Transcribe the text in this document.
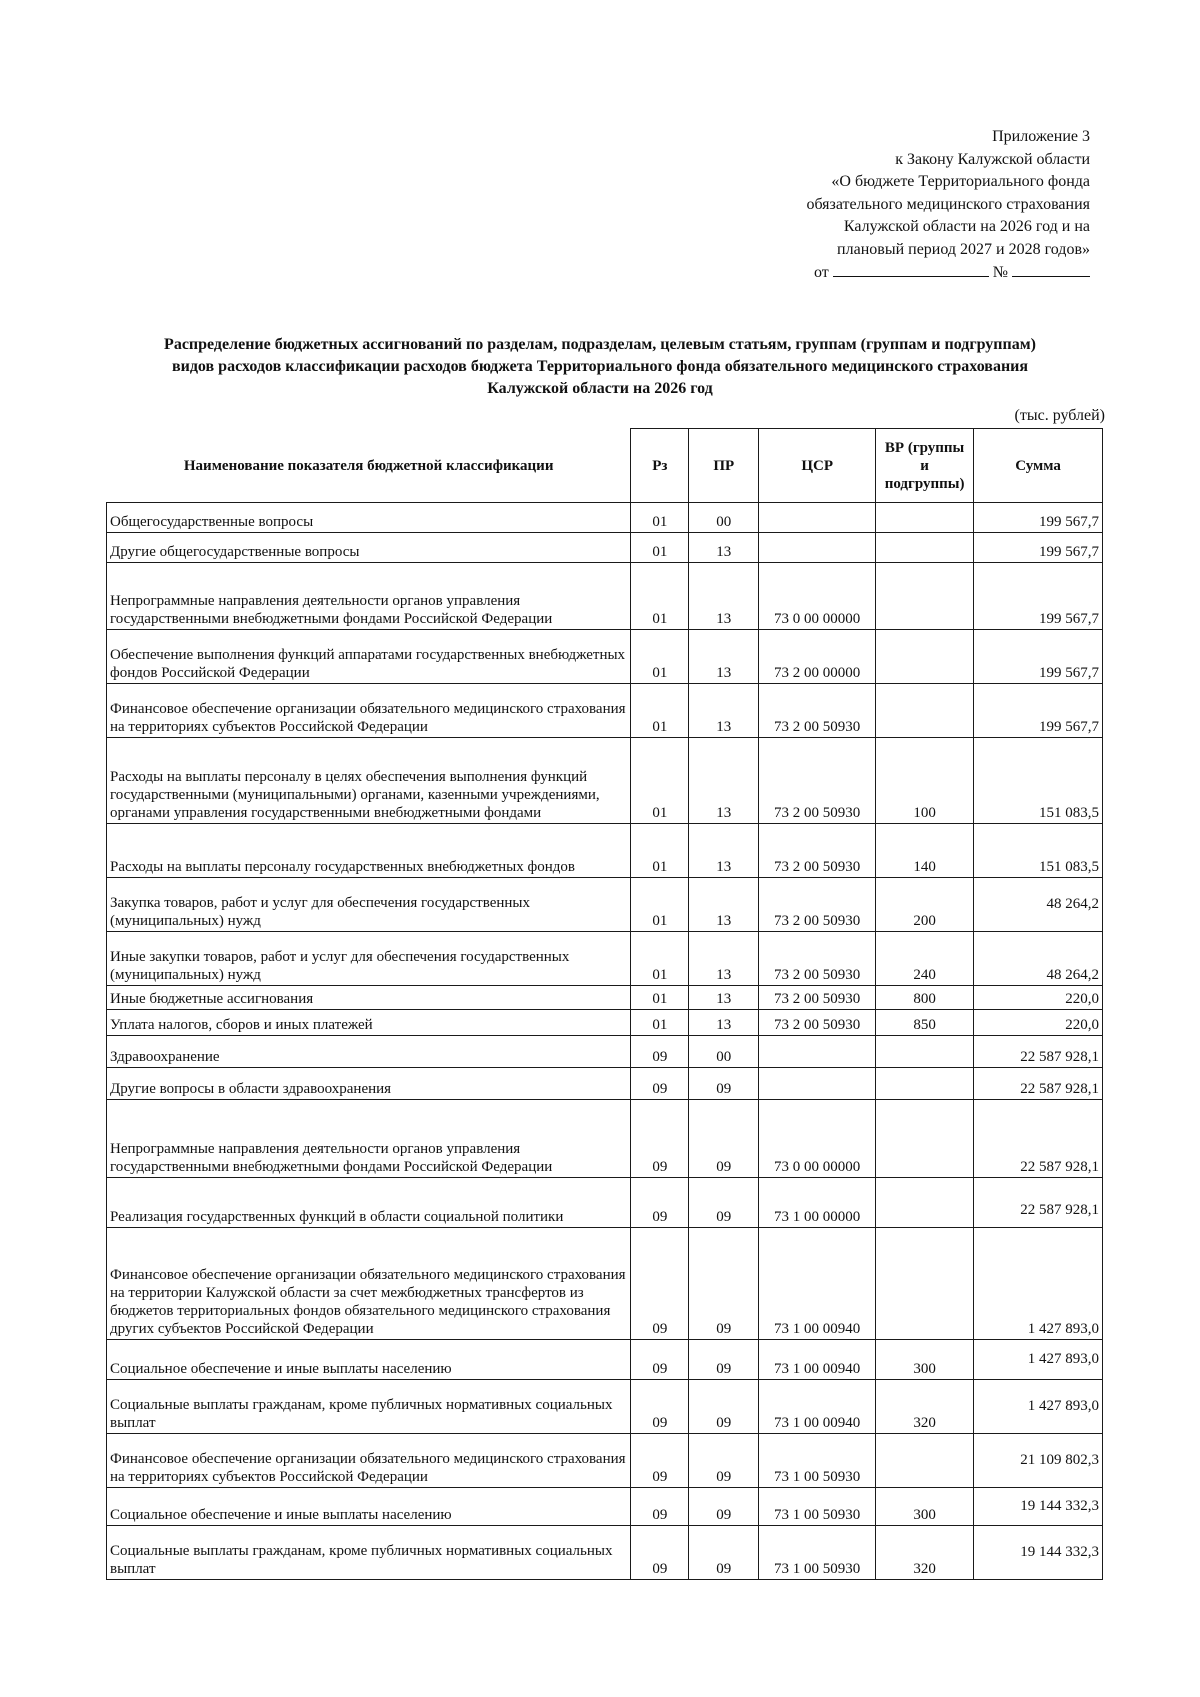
Приложение 3
к Закону Калужской области
«О бюджете Территориального фонда
обязательного медицинского страхования
Калужской области на 2026 год и на
плановый период 2027 и 2028 годов»
от	№
Распределение бюджетных ассигнований по разделам, подразделам, целевым статьям, группам (группам и подгруппам) видов расходов классификации расходов бюджета Территориального фонда обязательного медицинского страхования Калужской области на 2026 год
(тыс. рублей)
Наименование показателя бюджетной классификации	Рз	ПР	ЦСР	ВР (группы и подгруппы)	Сумма
Общегосударственные вопросы	01	00			199 567,7
Другие общегосударственные вопросы	01	13			199 567,7
Непрограммные направления деятельности органов управления государственными внебюджетными фондами Российской Федерации	01	13	73 0 00 00000		199 567,7
Обеспечение выполнения функций аппаратами государственных внебюджетных фондов Российской Федерации	01	13	73 2 00 00000		199 567,7
Финансовое обеспечение организации обязательного медицинского страхования на территориях субъектов Российской Федерации	01	13	73 2 00 50930		199 567,7
Расходы на выплаты персоналу в целях обеспечения выполнения функций государственными (муниципальными) органами, казенными учреждениями, органами управления государственными внебюджетными фондами	01	13	73 2 00 50930	100	151 083,5
Расходы на выплаты персоналу государственных внебюджетных фондов	01	13	73 2 00 50930	140	151 083,5
Закупка товаров, работ и услуг для обеспечения государственных (муниципальных) нужд	01	13	73 2 00 50930	200	48 264,2
Иные закупки товаров, работ и услуг для обеспечения государственных (муниципальных) нужд	01	13	73 2 00 50930	240	48 264,2
Иные бюджетные ассигнования	01	13	73 2 00 50930	800	220,0
Уплата налогов, сборов и иных платежей	01	13	73 2 00 50930	850	220,0
Здравоохранение	09	00			22 587 928,1
Другие вопросы в области здравоохранения	09	09			22 587 928,1
Непрограммные направления деятельности органов управления государственными внебюджетными фондами Российской Федерации	09	09	73 0 00 00000		22 587 928,1
Реализация государственных функций в области социальной политики	09	09	73 1 00 00000		22 587 928,1
Финансовое обеспечение организации обязательного медицинского страхования на территории Калужской области за счет межбюджетных трансфертов из бюджетов территориальных фондов обязательного медицинского страхования других субъектов Российской Федерации	09	09	73 1 00 00940		1 427 893,0
Социальное обеспечение и иные выплаты населению	09	09	73 1 00 00940	300	1 427 893,0
Социальные выплаты гражданам, кроме публичных нормативных социальных выплат	09	09	73 1 00 00940	320	1 427 893,0
Финансовое обеспечение организации обязательного медицинского страхования на территориях субъектов Российской Федерации	09	09	73 1 00 50930		21 109 802,3
Социальное обеспечение и иные выплаты населению	09	09	73 1 00 50930	300	19 144 332,3
Социальные выплаты гражданам, кроме публичных нормативных социальных выплат	09	09	73 1 00 50930	320	19 144 332,3
